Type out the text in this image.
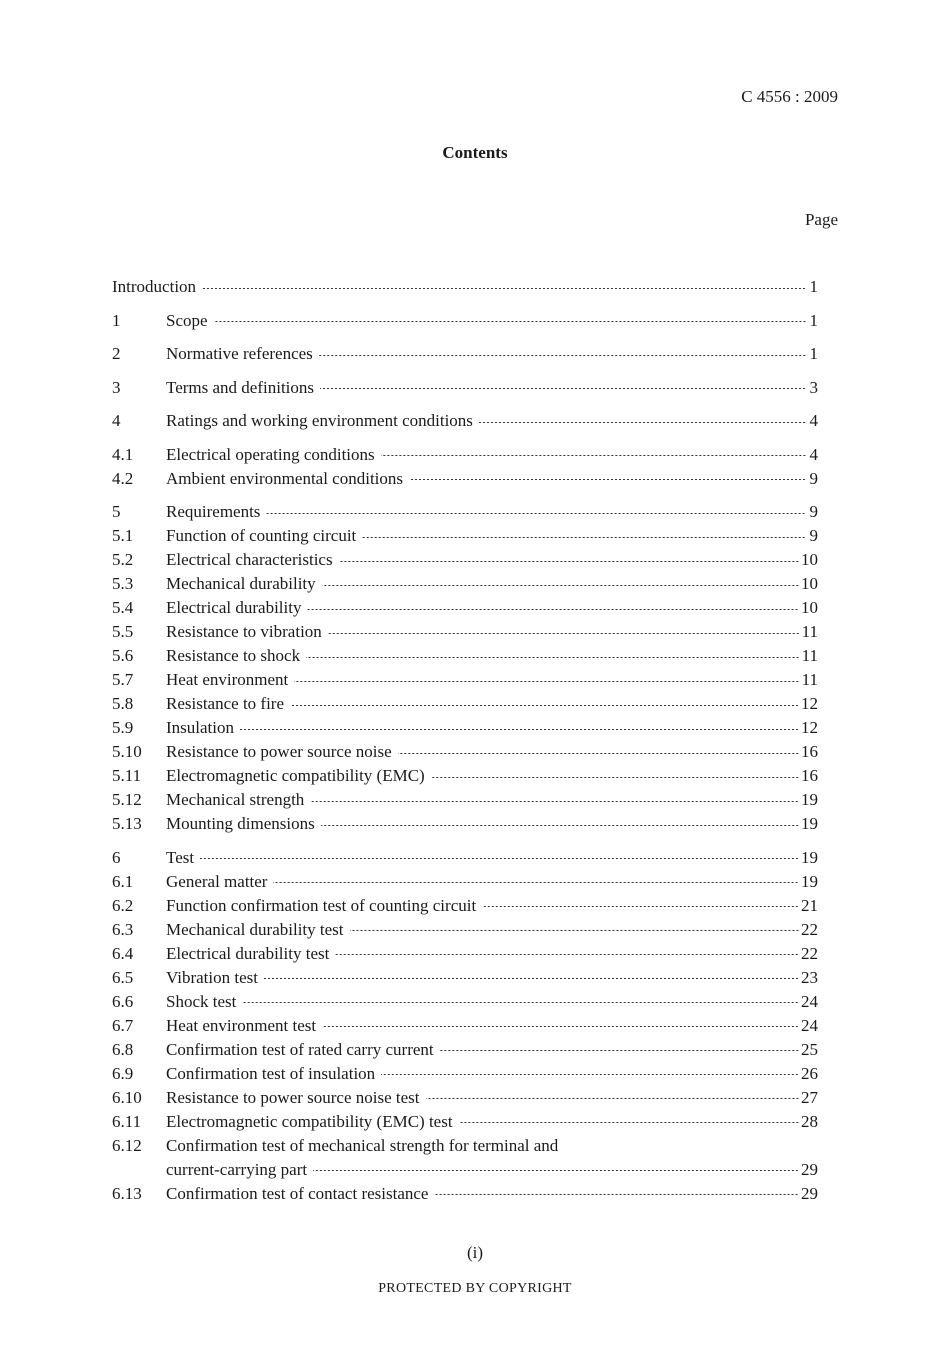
C 4556 : 2009
Contents
Page
Introduction	1
1	Scope	1
2	Normative references	1
3	Terms and definitions	3
4	Ratings and working environment conditions	4
4.1	Electrical operating conditions	4
4.2	Ambient environmental conditions	9
5	Requirements	9
5.1	Function of counting circuit	9
5.2	Electrical characteristics	10
5.3	Mechanical durability	10
5.4	Electrical durability	10
5.5	Resistance to vibration	11
5.6	Resistance to shock	11
5.7	Heat environment	11
5.8	Resistance to fire	12
5.9	Insulation	12
5.10	Resistance to power source noise	16
5.11	Electromagnetic compatibility (EMC)	16
5.12	Mechanical strength	19
5.13	Mounting dimensions	19
6	Test	19
6.1	General matter	19
6.2	Function confirmation test of counting circuit	21
6.3	Mechanical durability test	22
6.4	Electrical durability test	22
6.5	Vibration test	23
6.6	Shock test	24
6.7	Heat environment test	24
6.8	Confirmation test of rated carry current	25
6.9	Confirmation test of insulation	26
6.10	Resistance to power source noise test	27
6.11	Electromagnetic compatibility (EMC) test	28
6.12	Confirmation test of mechanical strength for terminal and
current-carrying part	29
6.13	Confirmation test of contact resistance	29
(i)
PROTECTED BY COPYRIGHT
